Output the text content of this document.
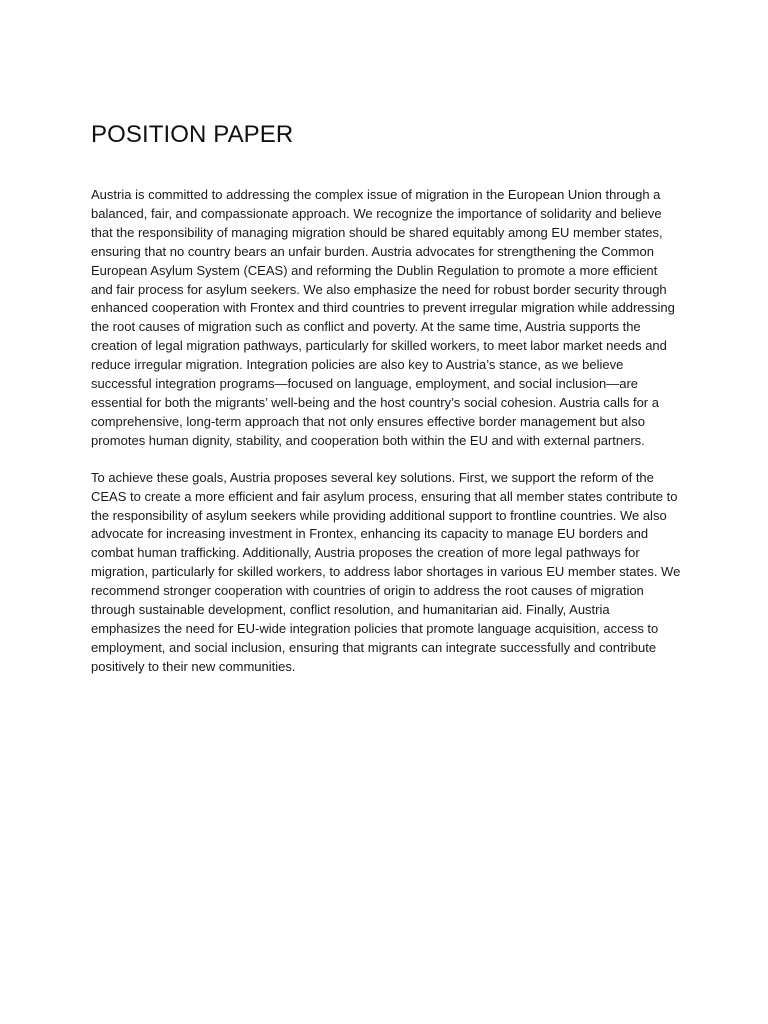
POSITION PAPER

Austria is committed to addressing the complex issue of migration in the European Union through a balanced, fair, and compassionate approach. We recognize the importance of solidarity and believe that the responsibility of managing migration should be shared equitably among EU member states, ensuring that no country bears an unfair burden. Austria advocates for strengthening the Common European Asylum System (CEAS) and reforming the Dublin Regulation to promote a more efficient and fair process for asylum seekers. We also emphasize the need for robust border security through enhanced cooperation with Frontex and third countries to prevent irregular migration while addressing the root causes of migration such as conflict and poverty. At the same time, Austria supports the creation of legal migration pathways, particularly for skilled workers, to meet labor market needs and reduce irregular migration. Integration policies are also key to Austria’s stance, as we believe successful integration programs—focused on language, employment, and social inclusion—are essential for both the migrants’ well-being and the host country’s social cohesion. Austria calls for a comprehensive, long-term approach that not only ensures effective border management but also promotes human dignity, stability, and cooperation both within the EU and with external partners.

To achieve these goals, Austria proposes several key solutions. First, we support the reform of the CEAS to create a more efficient and fair asylum process, ensuring that all member states contribute to the responsibility of asylum seekers while providing additional support to frontline countries. We also advocate for increasing investment in Frontex, enhancing its capacity to manage EU borders and combat human trafficking. Additionally, Austria proposes the creation of more legal pathways for migration, particularly for skilled workers, to address labor shortages in various EU member states. We recommend stronger cooperation with countries of origin to address the root causes of migration through sustainable development, conflict resolution, and humanitarian aid. Finally, Austria emphasizes the need for EU-wide integration policies that promote language acquisition, access to employment, and social inclusion, ensuring that migrants can integrate successfully and contribute positively to their new communities.
